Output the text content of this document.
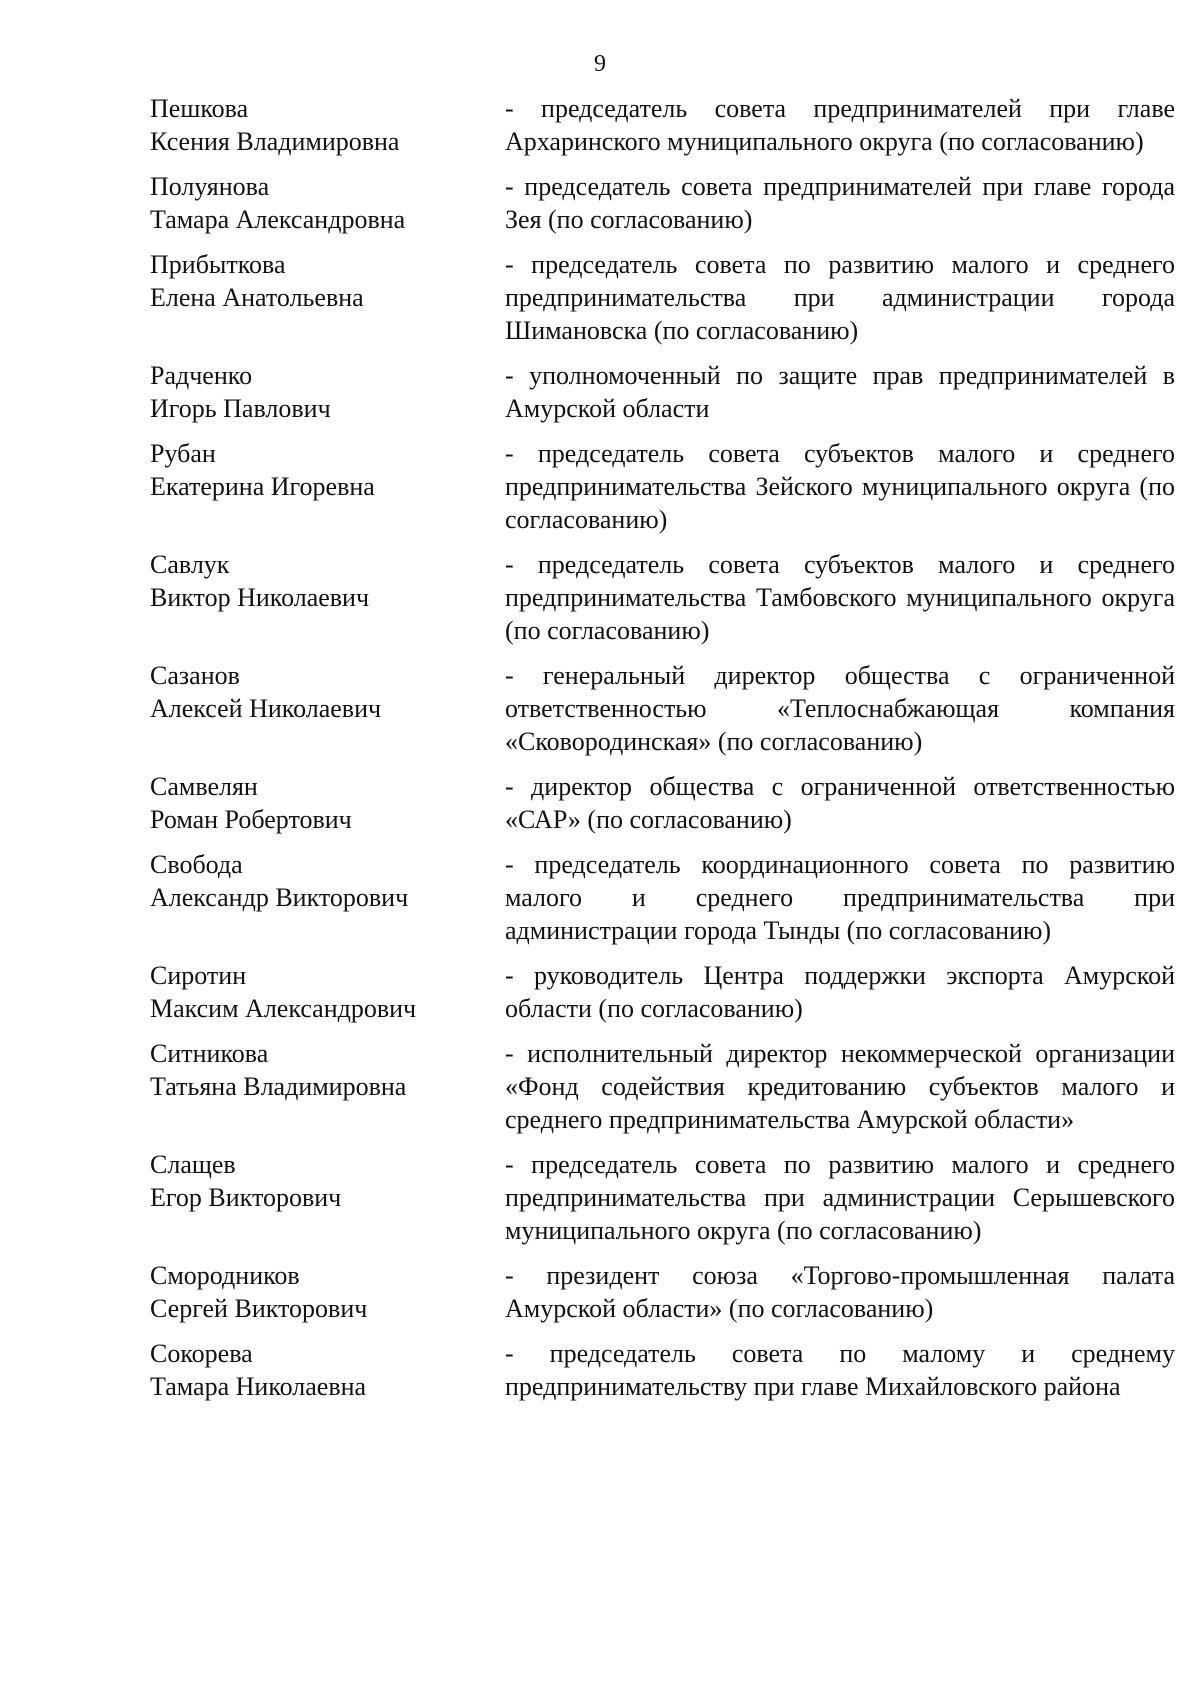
9
Пешкова
Ксения Владимировна
- председатель совета предпринимателей при главе Архаринского муниципального округа (по согласованию)
Полуянова
Тамара Александровна
- председатель совета предпринимателей при главе города Зея (по согласованию)
Прибыткова
Елена Анатольевна
- председатель совета по развитию малого и среднего предпринимательства при администрации города Шимановска (по согласованию)
Радченко
Игорь Павлович
- уполномоченный по защите прав предпринимателей в Амурской области
Рубан
Екатерина Игоревна
- председатель совета субъектов малого и среднего предпринимательства Зейского муниципального округа (по согласованию)
Савлук
Виктор Николаевич
- председатель совета субъектов малого и среднего предпринимательства Тамбовского муниципального округа (по согласованию)
Сазанов
Алексей Николаевич
- генеральный директор общества с ограниченной ответственностью «Теплоснабжающая компания «Сковородинская» (по согласованию)
Самвелян
Роман Робертович
- директор общества с ограниченной ответственностью «САР» (по согласованию)
Свобода
Александр Викторович
- председатель координационного совета по развитию малого и среднего предпринимательства при администрации города Тынды (по согласованию)
Сиротин
Максим Александрович
- руководитель Центра поддержки экспорта Амурской области (по согласованию)
Ситникова
Татьяна Владимировна
- исполнительный директор некоммерческой организации «Фонд содействия кредитованию субъектов малого и среднего предпринимательства Амурской области»
Слащев
Егор Викторович
- председатель совета по развитию малого и среднего предпринимательства при администрации Серышевского муниципального округа (по согласованию)
Смородников
Сергей Викторович
- президент союза «Торгово-промышленная палата Амурской области» (по согласованию)
Сокорева
Тамара Николаевна
- председатель совета по малому и среднему предпринимательству при главе Михайловского района
